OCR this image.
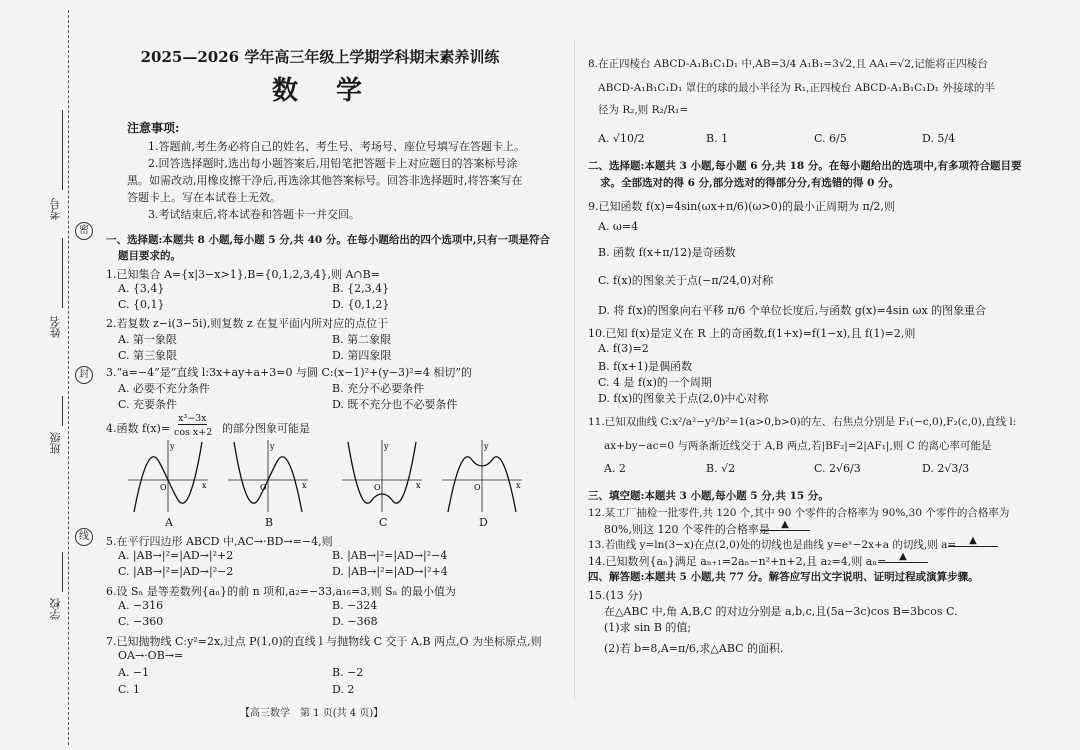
考号
姓名
班级
学校
密
封
线
2025—2026 学年高三年级上学期学科期末素养训练
数　学
注意事项:
1.答题前,考生务必将自己的姓名、考生号、考场号、座位号填写在答题卡上。
2.回答选择题时,选出每小题答案后,用铅笔把答题卡上对应题目的答案标号涂
黑。如需改动,用橡皮擦干净后,再选涂其他答案标号。回答非选择题时,将答案写在
答题卡上。写在本试卷上无效。
3.考试结束后,将本试卷和答题卡一并交回。
一、选择题:本题共 8 小题,每小题 5 分,共 40 分。在每小题给出的四个选项中,只有一项是符合
题目要求的。
1.已知集合 A={x|3−x>1},B={0,1,2,3,4},则 A∩B=
A. {3,4}	B. {2,3,4}
C. {0,1}	D. {0,1,2}
2.若复数 z−i(3−5i),则复数 z 在复平面内所对应的点位于
A. 第一象限	B. 第二象限
C. 第三象限	D. 第四象限
3.“a=−4”是“直线 l:3x+ay+a+3=0 与圆 C:(x−1)²+(y−3)²=4 相切”的
A. 必要不充分条件	B. 充分不必要条件
C. 充要条件	D. 既不充分也不必要条件
4.函数 f(x)=
x³−3x
cos x+2 的部分图象可能是
y
x
O
y
x
O
y
x
O
y
x
O
A	B	C	D
5.在平行四边形 ABCD 中,AC→·BD→=−4,则
A. |AB→|²=|AD→|²+2	B. |AB→|²=|AD→|²−4
C. |AB→|²=|AD→|²−2	D. |AB→|²=|AD→|²+4
6.设 Sₙ 是等差数列{aₙ}的前 n 项和,a₂=−33,a₁₆=3,则 Sₙ 的最小值为
A. −316	B. −324
C. −360	D. −368
7.已知抛物线 C:y²=2x,过点 P(1,0)的直线 l 与抛物线 C 交于 A,B 两点,O 为坐标原点,则
OA→·OB→=
A. −1	B. −2
C. 1	D. 2
【高三数学　第 1 页(共 4 页)】
8.在正四棱台 ABCD-A₁B₁C₁D₁ 中,AB=3/4 A₁B₁=3√2,且 AA₁=√2,记能将正四棱台
ABCD-A₁B₁C₁D₁ 罩住的球的最小半径为 R₁,正四棱台 ABCD-A₁B₁C₁D₁ 外接球的半
径为 R₂,则 R₂/R₁=
A. √10/2	B. 1	C. 6/5	D. 5/4
二、选择题:本题共 3 小题,每小题 6 分,共 18 分。在每小题给出的选项中,有多项符合题目要
求。全部选对的得 6 分,部分选对的得部分分,有选错的得 0 分。
9.已知函数 f(x)=4sin(ωx+π/6)(ω>0)的最小正周期为 π/2,则
A. ω=4
B. 函数 f(x+π/12)是奇函数
C. f(x)的图象关于点(−π/24,0)对称
D. 将 f(x)的图象向右平移 π/6 个单位长度后,与函数 g(x)=4sin ωx 的图象重合
10.已知 f(x)是定义在 R 上的奇函数,f(1+x)=f(1−x),且 f(1)=2,则
A. f(3)=2
B. f(x+1)是偶函数
C. 4 是 f(x)的一个周期
D. f(x)的图象关于点(2,0)中心对称
11.已知双曲线 C:x²/a²−y²/b²=1(a>0,b>0)的左、右焦点分别是 F₁(−c,0),F₂(c,0),直线 l:
ax+by−ac=0 与两条渐近线交于 A,B 两点,若|BF₂|=2|AF₁|,则 C 的离心率可能是
A. 2	B. √2	C. 2√6/3	D. 2√3/3
三、填空题:本题共 3 小题,每小题 5 分,共 15 分。
12.某工厂抽检一批零件,共 120 个,其中 90 个零件的合格率为 90%,30 个零件的合格率为
80%,则这 120 个零件的合格率是	▲
13.若曲线 y=ln(3−x)在点(2,0)处的切线也是曲线 y=eˣ−2x+a 的切线,则 a=	▲
14.已知数列{aₙ}满足 aₙ₊₁=2aₙ−n²+n+2,且 a₂=4,则 aₙ=	▲
四、解答题:本题共 5 小题,共 77 分。解答应写出文字说明、证明过程或演算步骤。
15.(13 分)
在△ABC 中,角 A,B,C 的对边分别是 a,b,c,且(5a−3c)cos B=3bcos C.
(1)求 sin B 的值;
(2)若 b=8,A=π/6,求△ABC 的面积.
